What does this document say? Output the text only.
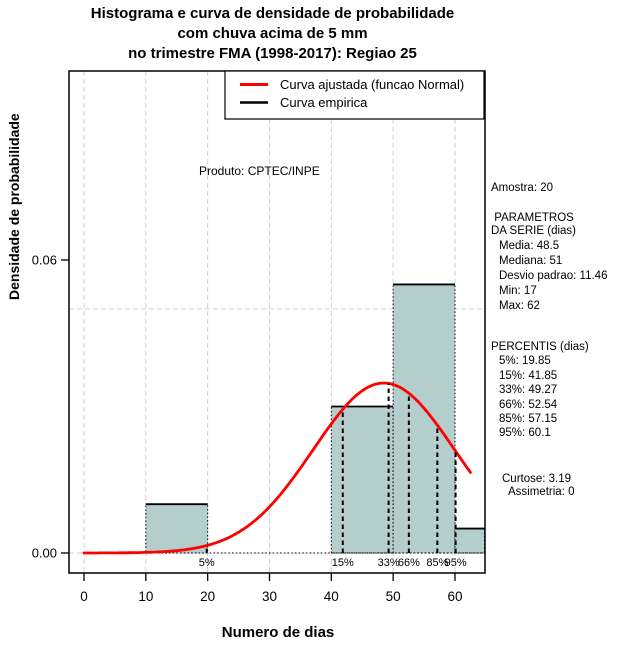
5%	15% 33%
66% 85%
95%
0	10	20	30	40	50	60
0.00
0.06
Curva ajustada (funcao Normal)
Curva empirica
Histograma e curva de densidade de probabilidade
com chuva acima de 5 mm
no trimestre FMA (1998-2017): Regiao 25
Produto: CPTEC/INPE
Numero de dias
Densidade de probabilidade	Amostra: 20
PARAMETROS
DA SERIE (dias)
Media: 48.5
Mediana: 51
Desvio padrao: 11.46
Min: 17
Max: 62
PERCENTIS (dias)
5%: 19.85
15%: 41.85
33%: 49.27
66%: 52.54
85%: 57.15
95%: 60.1
Curtose: 3.19
Assimetria: 0
